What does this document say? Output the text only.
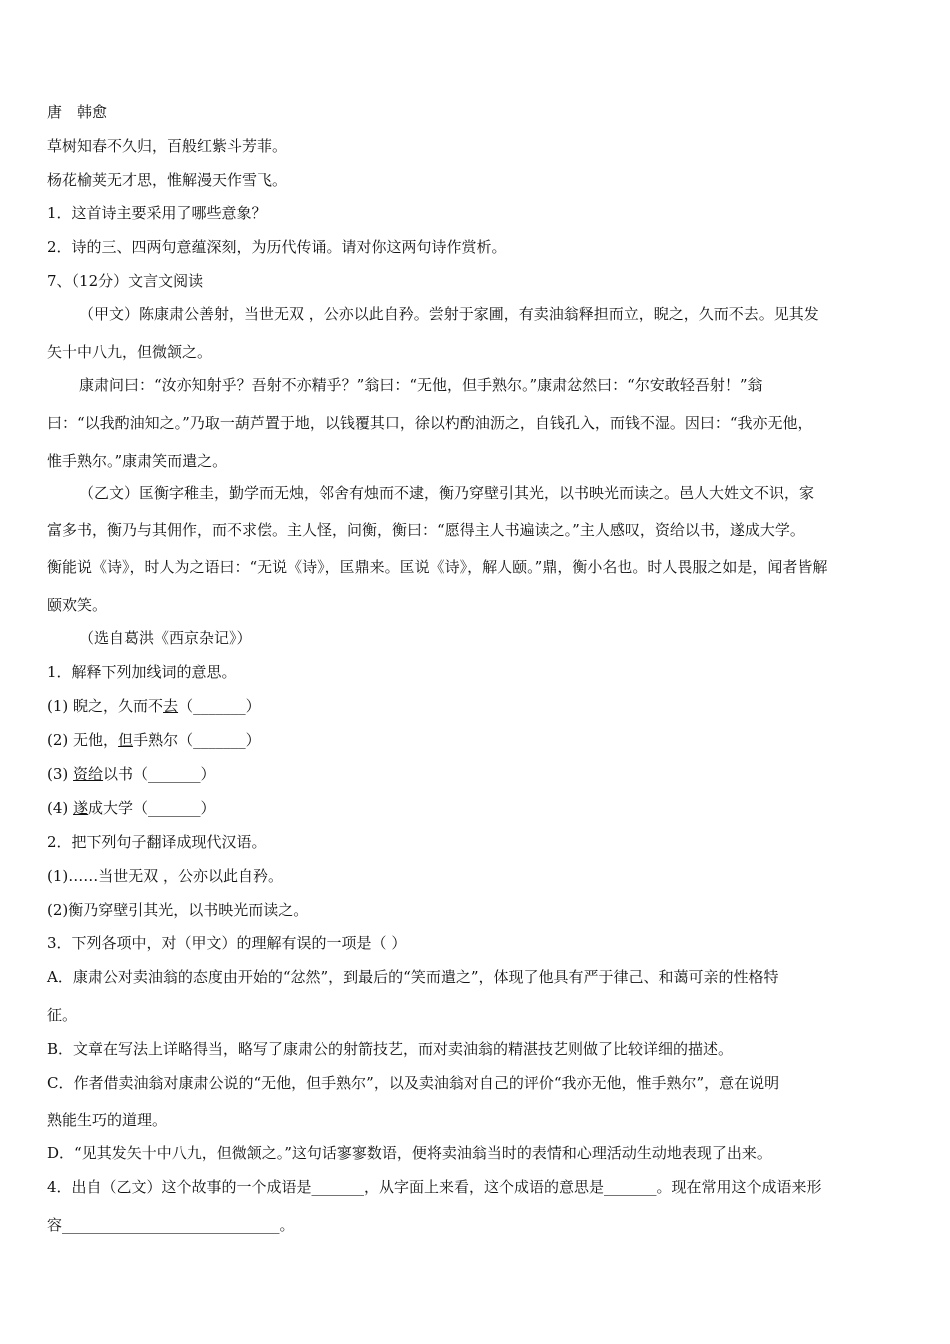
唐　韩愈
草树知春不久归，百般红紫斗芳菲。
杨花榆荚无才思，惟解漫天作雪飞。
1．这首诗主要采用了哪些意象？
2．诗的三、四两句意蕴深刻，为历代传诵。请对你这两句诗作赏析。
7、（12分）文言文阅读
（甲文）陈康肃公善射，当世无双 ，公亦以此自矜。尝射于家圃，有卖油翁释担而立，睨之，久而不去。见其发
矢十中八九，但微颔之。
康肃问曰：“汝亦知射乎？吾射不亦精乎？”翁曰：“无他，但手熟尔。”康肃忿然曰：“尔安敢轻吾射！”翁
曰：“以我酌油知之。”乃取一葫芦置于地，以钱覆其口，徐以杓酌油沥之，自钱孔入，而钱不湿。因曰：“我亦无他，
惟手熟尔。”康肃笑而遣之。
（乙文）匡衡字稚圭，勤学而无烛，邻舍有烛而不逮，衡乃穿壁引其光，以书映光而读之。邑人大姓文不识，家
富多书，衡乃与其佣作，而不求偿。主人怪，问衡，衡曰：“愿得主人书遍读之。”主人感叹，资给以书，遂成大学。
衡能说《诗》，时人为之语曰：“无说《诗》，匡鼎来。匡说《诗》，解人颐。”鼎，衡小名也。时人畏服之如是，闻者皆解
颐欢笑。
（选自葛洪《西京杂记》）
1．解释下列加线词的意思。
(1) 睨之，久而不去（_______）
(2) 无他，但手熟尔（_______）
(3) 资给以书（_______）
(4) 遂成大学（_______）
2．把下列句子翻译成现代汉语。
(1)……当世无双 ，公亦以此自矜。
(2)衡乃穿壁引其光，以书映光而读之。
3．下列各项中，对（甲文）的理解有误的一项是（ ）
A．康肃公对卖油翁的态度由开始的“忿然”，到最后的“笑而遣之”，体现了他具有严于律己、和蔼可亲的性格特
征。
B．文章在写法上详略得当，略写了康肃公的射箭技艺，而对卖油翁的精湛技艺则做了比较详细的描述。
C．作者借卖油翁对康肃公说的“无他，但手熟尔”，以及卖油翁对自己的评价“我亦无他，惟手熟尔”，意在说明
熟能生巧的道理。
D．“见其发矢十中八九，但微颔之。”这句话寥寥数语，便将卖油翁当时的表情和心理活动生动地表现了出来。
4．出自（乙文）这个故事的一个成语是_______，从字面上来看，这个成语的意思是_______。现在常用这个成语来形
容_____________________________。
